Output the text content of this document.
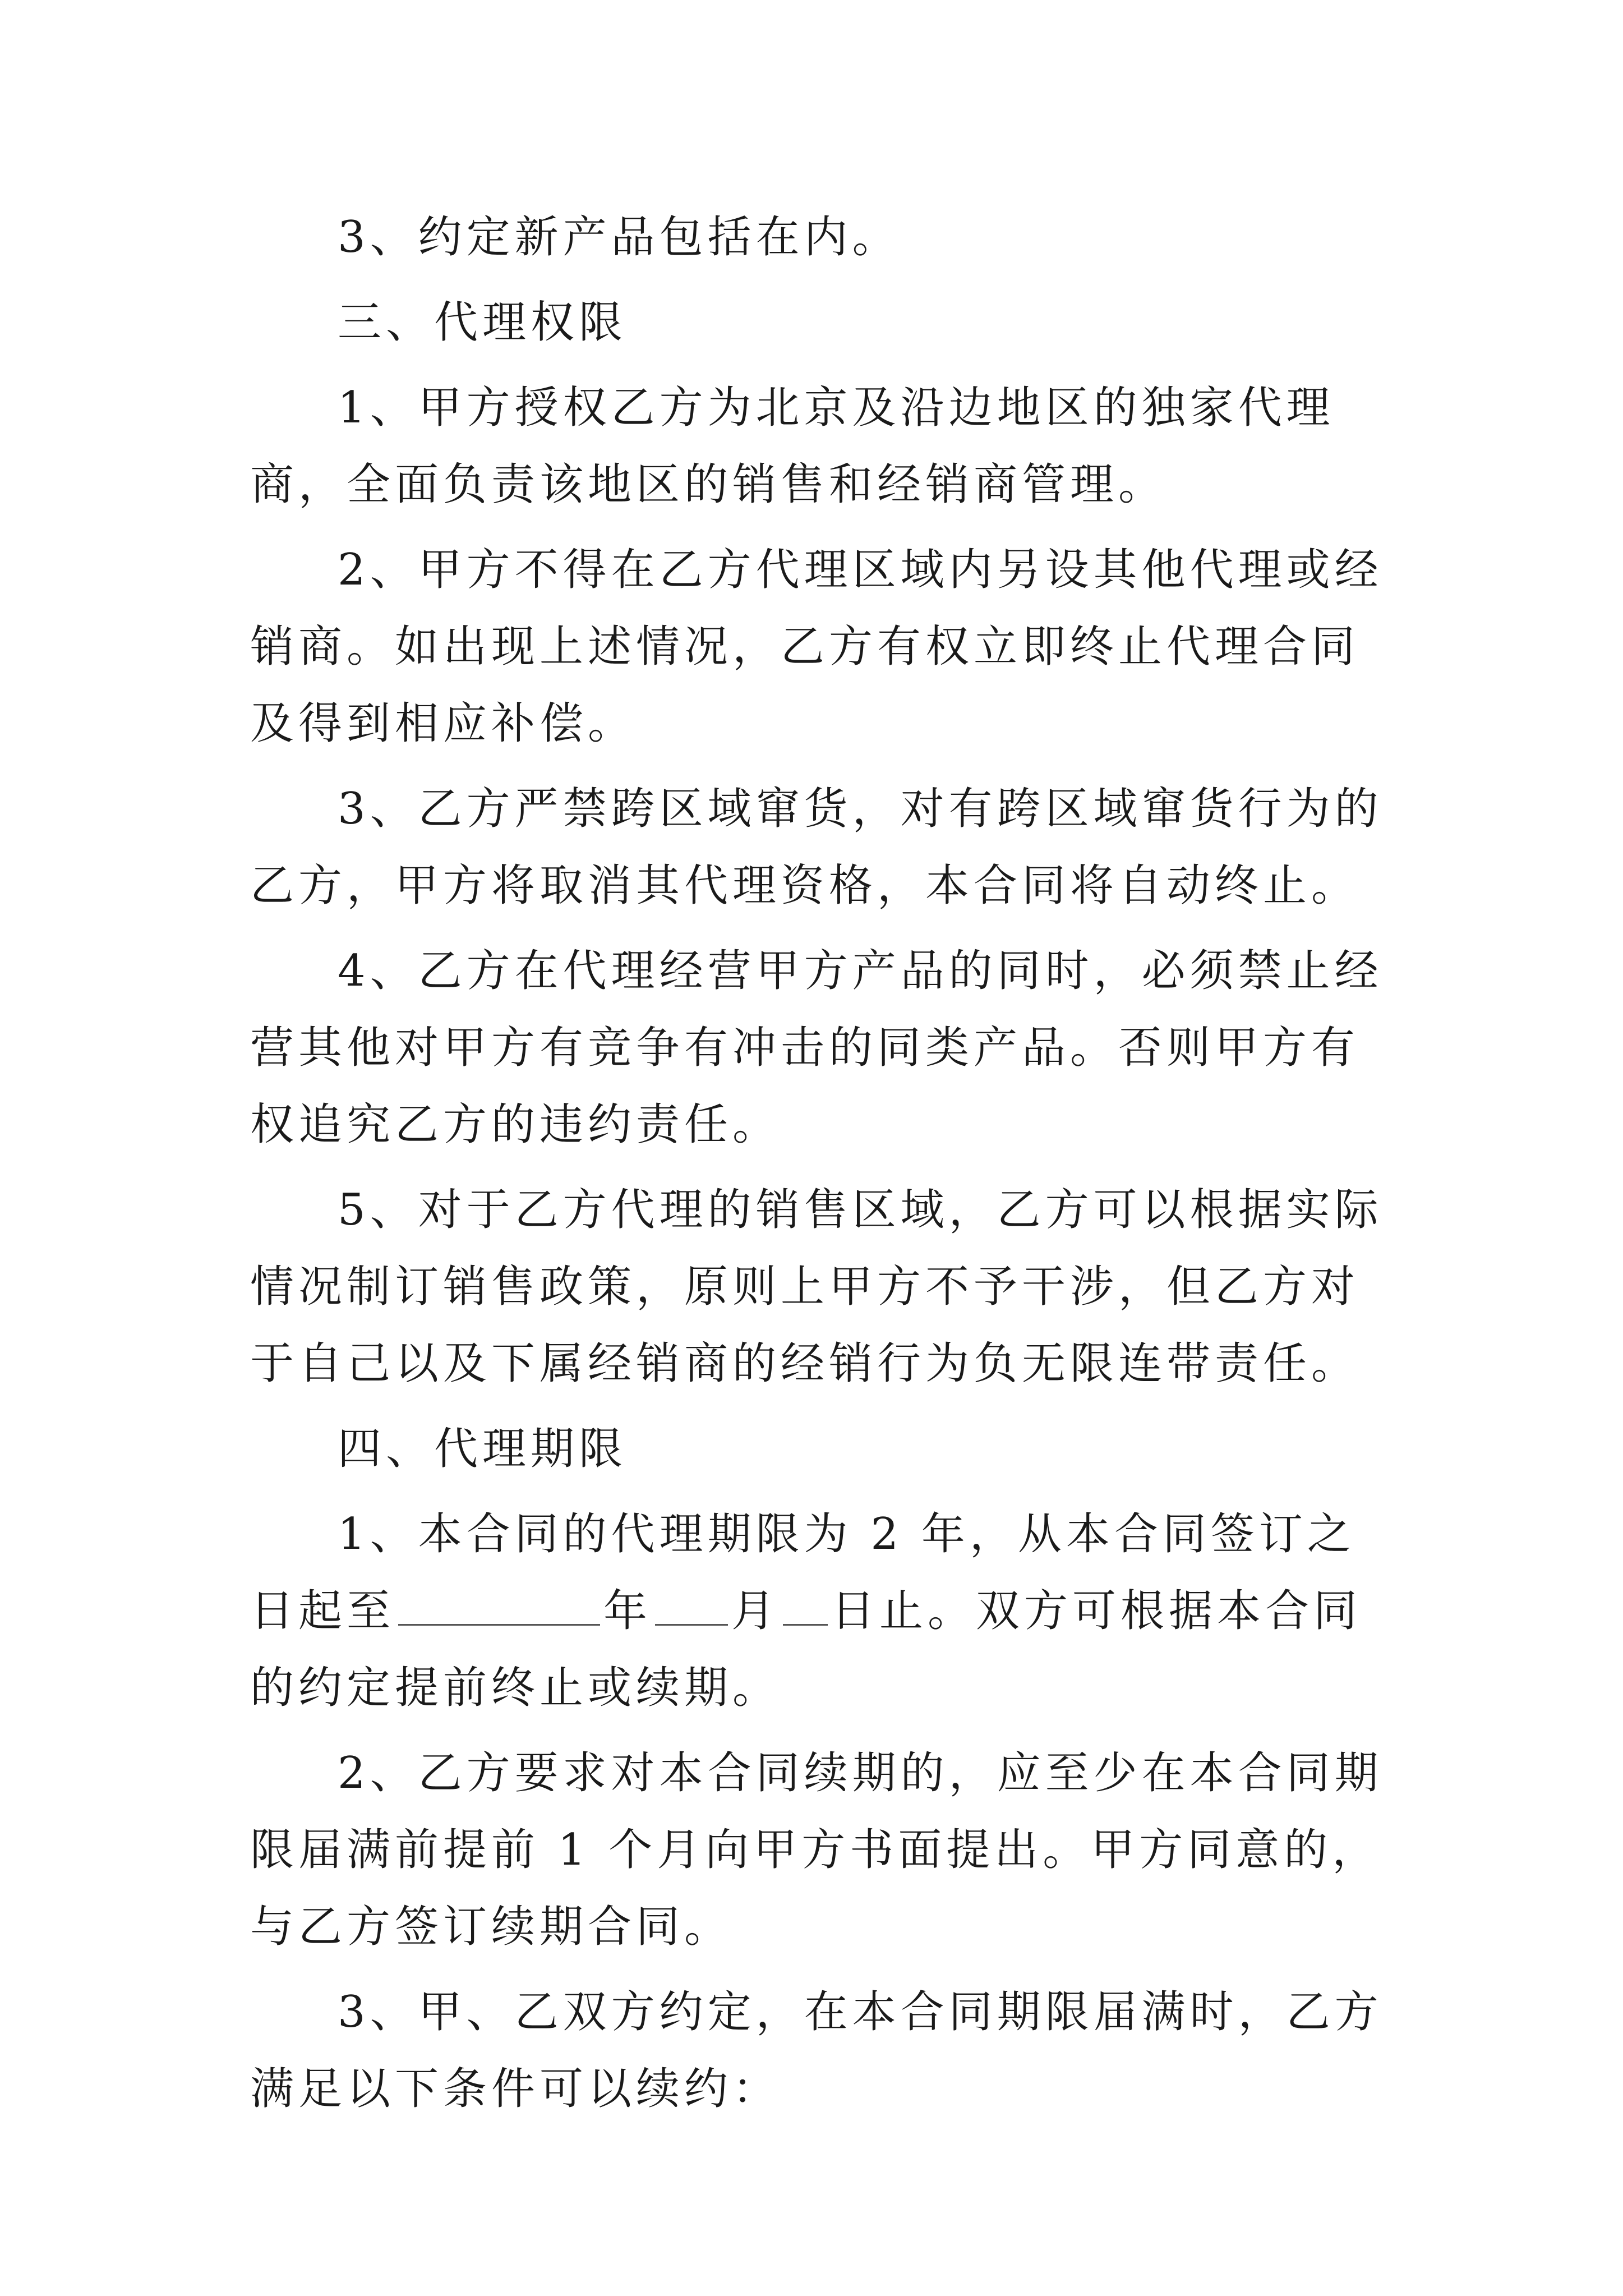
3、约定新产品包括在内。

三、代理权限

1、甲方授权乙方为北京及沿边地区的独家代理商，全面负责该地区的销售和经销商管理。

2、甲方不得在乙方代理区域内另设其他代理或经销商。如出现上述情况，乙方有权立即终止代理合同及得到相应补偿。

3、乙方严禁跨区域窜货，对有跨区域窜货行为的乙方，甲方将取消其代理资格，本合同将自动终止。

4、乙方在代理经营甲方产品的同时，必须禁止经营其他对甲方有竞争有冲击的同类产品。否则甲方有权追究乙方的违约责任。

5、对于乙方代理的销售区域，乙方可以根据实际情况制订销售政策，原则上甲方不予干涉，但乙方对于自己以及下属经销商的经销行为负无限连带责任。

四、代理期限

1、本合同的代理期限为 2 年，从本合同签订之日起至	年 月 日止。双方可根据本合同的约定提前终止或续期。

2、乙方要求对本合同续期的，应至少在本合同期限届满前提前 1 个月向甲方书面提出。甲方同意的，与乙方签订续期合同。

3、甲、乙双方约定，在本合同期限届满时，乙方满足以下条件可以续约：
